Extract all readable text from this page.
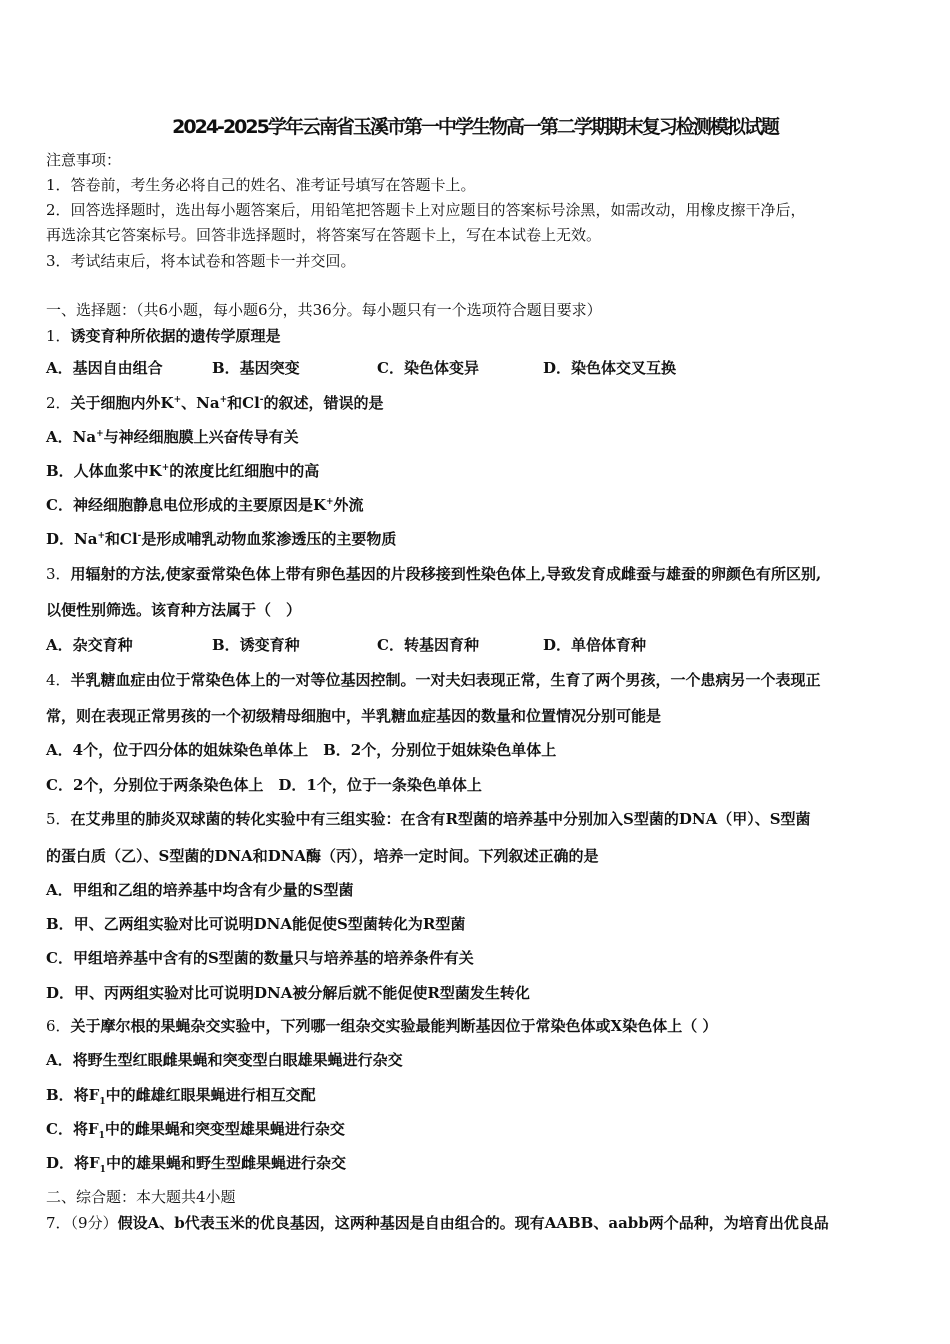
2024-2025学年云南省玉溪市第一中学生物高一第二学期期末复习检测模拟试题
注意事项：
1．答卷前，考生务必将自己的姓名、准考证号填写在答题卡上。
2．回答选择题时，选出每小题答案后，用铅笔把答题卡上对应题目的答案标号涂黑，如需改动，用橡皮擦干净后，
再选涂其它答案标号。回答非选择题时，将答案写在答题卡上，写在本试卷上无效。
3．考试结束后，将本试卷和答题卡一并交回。
一、选择题：（共6小题，每小题6分，共36分。每小题只有一个选项符合题目要求）
1．诱变育种所依据的遗传学原理是
A．基因自由组合	B．基因突变	C．染色体变异	D．染色体交叉互换
2．关于细胞内外K+、Na+和Cl-的叙述，错误的是
A．Na+与神经细胞膜上兴奋传导有关
B．人体血浆中K+的浓度比红细胞中的高
C．神经细胞静息电位形成的主要原因是K+外流
D．Na+和Cl-是形成哺乳动物血浆渗透压的主要物质
3．用辐射的方法,使家蚕常染色体上带有卵色基因的片段移接到性染色体上,导致发育成雌蚕与雄蚕的卵颜色有所区别,
以便性别筛选。该育种方法属于（　）
A．杂交育种	B．诱变育种	C．转基因育种	D．单倍体育种
4．半乳糖血症由位于常染色体上的一对等位基因控制。一对夫妇表现正常，生育了两个男孩，一个患病另一个表现正
常，则在表现正常男孩的一个初级精母细胞中，半乳糖血症基因的数量和位置情况分别可能是
A．4个，位于四分体的姐妹染色单体上　B．2个，分别位于姐妹染色单体上
C．2个，分别位于两条染色体上　D．1个，位于一条染色单体上
5．在艾弗里的肺炎双球菌的转化实验中有三组实验：在含有R型菌的培养基中分别加入S型菌的DNA（甲）、S型菌
的蛋白质（乙）、S型菌的DNA和DNA酶（丙），培养一定时间。下列叙述正确的是
A．甲组和乙组的培养基中均含有少量的S型菌
B．甲、乙两组实验对比可说明DNA能促使S型菌转化为R型菌
C．甲组培养基中含有的S型菌的数量只与培养基的培养条件有关
D．甲、丙两组实验对比可说明DNA被分解后就不能促使R型菌发生转化
6．关于摩尔根的果蝇杂交实验中，下列哪一组杂交实验最能判断基因位于常染色体或X染色体上（ ）
A．将野生型红眼雌果蝇和突变型白眼雄果蝇进行杂交
B．将$F_1$中的雌雄红眼果蝇进行相互交配
C．将$F_1$中的雌果蝇和突变型雄果蝇进行杂交
D．将$F_1$中的雄果蝇和野生型雌果蝇进行杂交
二、综合题：本大题共4小题
7．（9分）假设A、b代表玉米的优良基因，这两种基因是自由组合的。现有AABB、aabb两个品种，为培育出优良品
